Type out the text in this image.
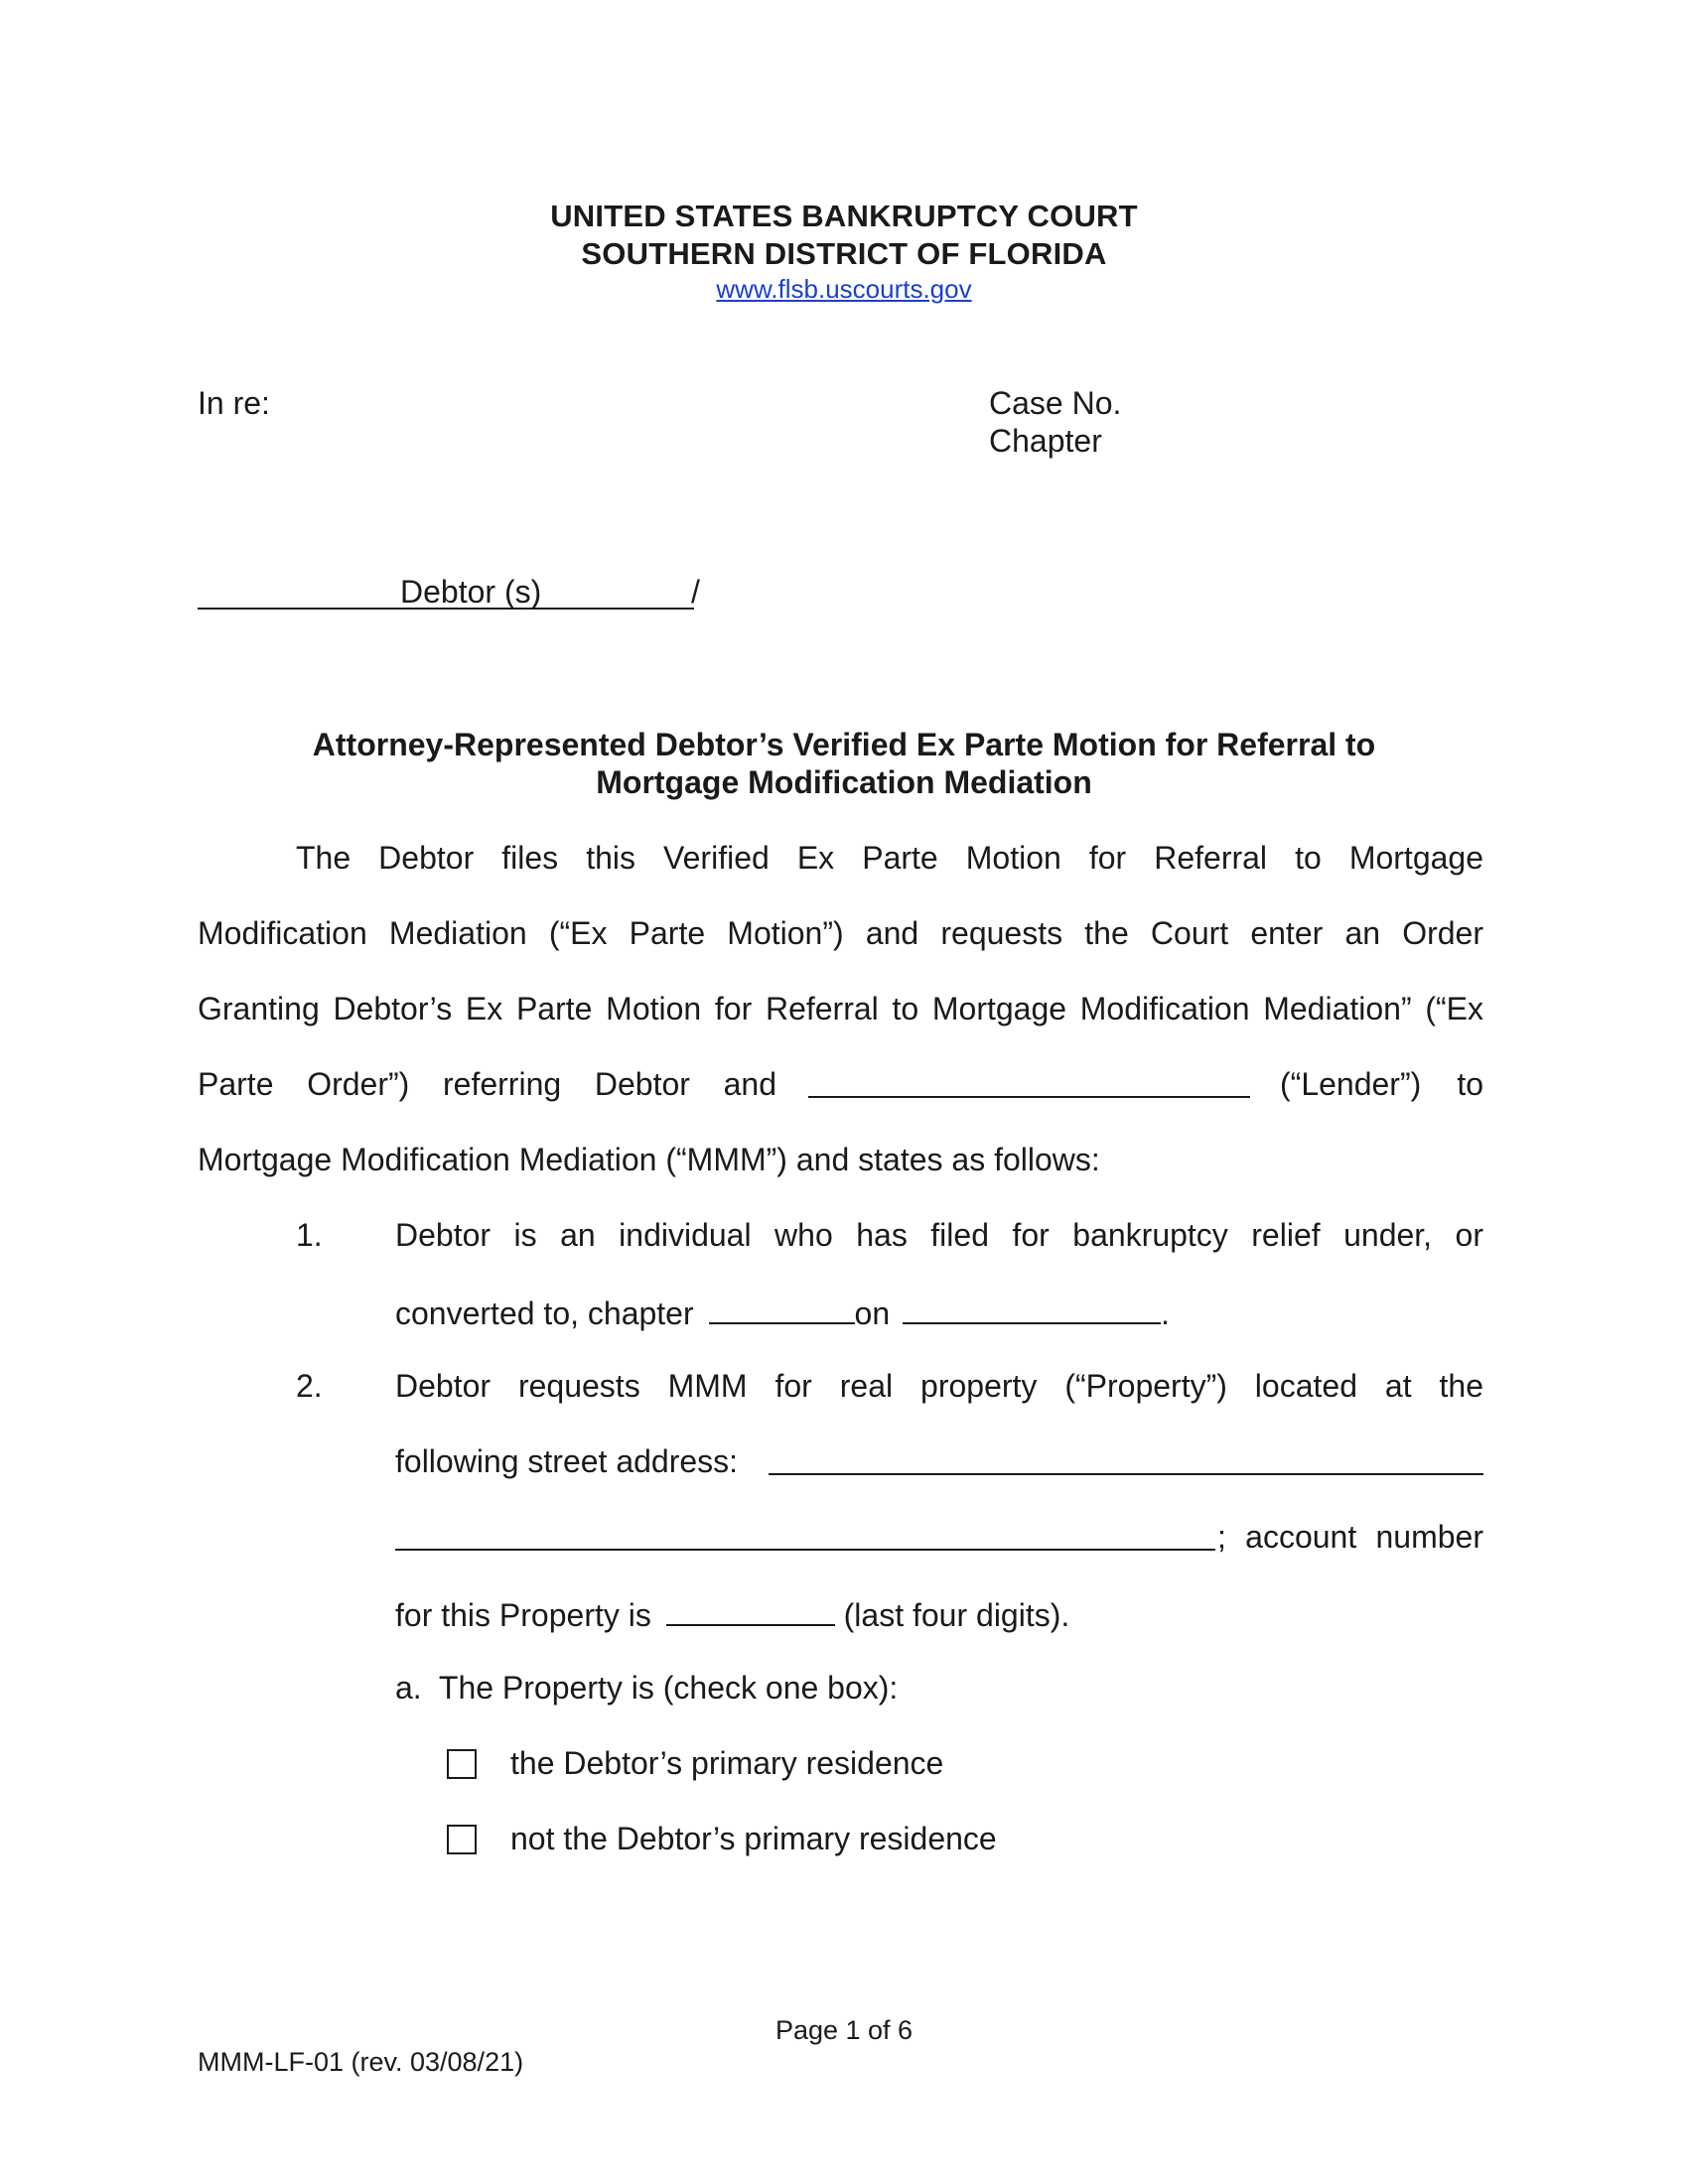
UNITED STATES BANKRUPTCY COURT
SOUTHERN DISTRICT OF FLORIDA
www.flsb.uscourts.gov
In re:	Case No.
Chapter
Debtor (s)	/
Attorney-Represented Debtor’s Verified Ex Parte Motion for Referral to
Mortgage Modification Mediation
The Debtor files this Verified Ex Parte Motion for Referral to Mortgage
Modification Mediation (“Ex Parte Motion”) and requests the Court enter an Order
Granting Debtor’s Ex Parte Motion for Referral to Mortgage Modification Mediation” (“Ex
Parte Order”) referring Debtor and	(“Lender”) to
Mortgage Modification Mediation (“MMM”) and states as follows:
1. Debtor is an individual who has filed for bankruptcy relief under, or
converted to, chapter	on	.
2. Debtor requests MMM for real property (“Property”) located at the
following street address:
; account number
for this Property is	(last four digits).
a.  The Property is (check one box):
the Debtor’s primary residence
not the Debtor’s primary residence
Page 1 of 6
MMM-LF-01 (rev. 03/08/21)
